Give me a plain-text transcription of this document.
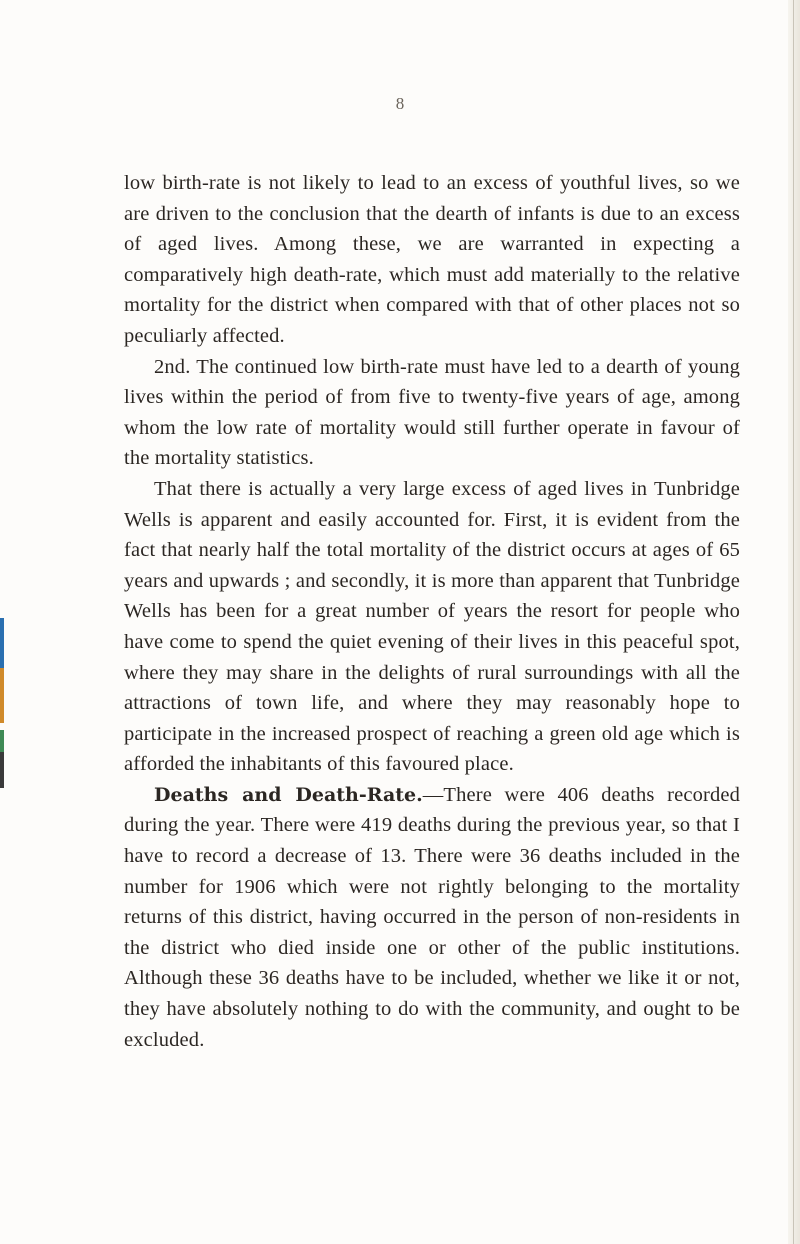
8

low birth-rate is not likely to lead to an excess of youthful lives, so we are driven to the conclusion that the dearth of infants is due to an excess of aged lives. Among these, we are warranted in expecting a comparatively high death-rate, which must add materially to the relative mortality for the district when compared with that of other places not so peculiarly affected.

2nd. The continued low birth-rate must have led to a dearth of young lives within the period of from five to twenty-five years of age, among whom the low rate of mortality would still further operate in favour of the mortality statistics.

That there is actually a very large excess of aged lives in Tunbridge Wells is apparent and easily accounted for. First, it is evident from the fact that nearly half the total mortality of the district occurs at ages of 65 years and upwards ; and secondly, it is more than apparent that Tunbridge Wells has been for a great number of years the resort for people who have come to spend the quiet evening of their lives in this peaceful spot, where they may share in the delights of rural surroundings with all the attractions of town life, and where they may reasonably hope to participate in the increased prospect of reaching a green old age which is afforded the inhabitants of this favoured place.

Deaths and Death-Rate.—There were 406 deaths recorded during the year. There were 419 deaths during the previous year, so that I have to record a decrease of 13. There were 36 deaths included in the number for 1906 which were not rightly belonging to the mortality returns of this district, having occurred in the person of non-residents in the district who died inside one or other of the public institutions. Although these 36 deaths have to be included, whether we like it or not, they have absolutely nothing to do with the community, and ought to be excluded.
